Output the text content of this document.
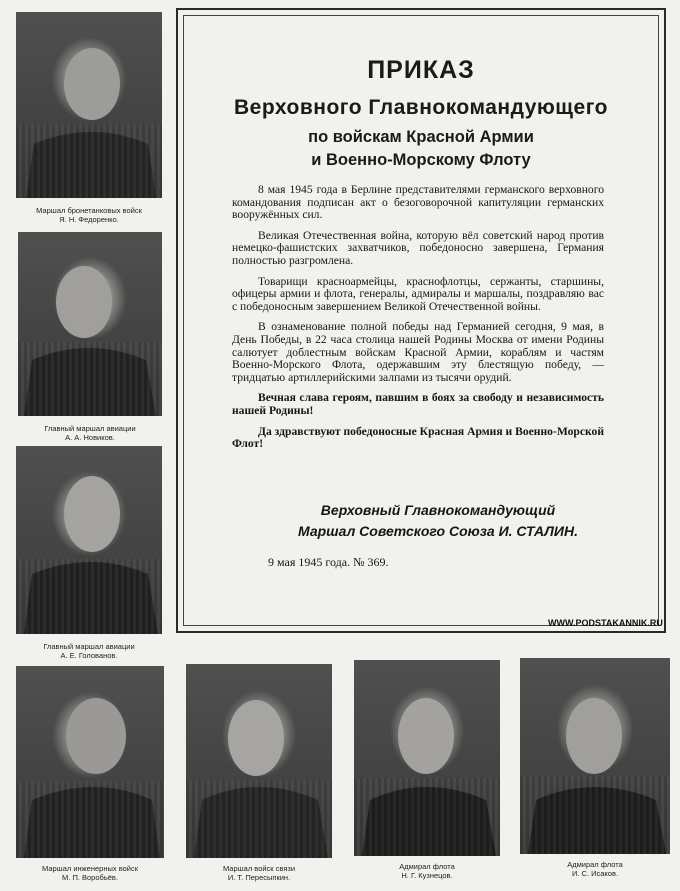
Маршал бронетанковых войск
Я. Н. Федоренко.
Главный маршал авиации
А. А. Новиков.
Главный маршал авиации
А. Е. Голованов.
Маршал инженерных войск
М. П. Воробьёв.
Маршал войск связи
И. Т. Пересыпкин.
Адмирал флота
Н. Г. Кузнецов.
Адмирал флота
И. С. Исаков.
ПРИКАЗ
Верховного Главнокомандующего
по войскам Красной Армии
и Военно-Морскому Флоту

8 мая 1945 года в Берлине представителями германского верховного командования подписан акт о безоговорочной капитуляции германских вооружённых сил.

Великая Отечественная война, которую вёл советский народ против немецко-фашистских захватчиков, победоносно завершена, Германия полностью разгромлена.

Товарищи красноармейцы, краснофлотцы, сержанты, старшины, офицеры армии и флота, генералы, адмиралы и маршалы, поздравляю вас с победоносным завершением Великой Отечественной войны.

В ознаменование полной победы над Германией сегодня, 9 мая, в День Победы, в 22 часа столица нашей Родины Москва от имени Родины салютует доблестным войскам Красной Армии, кораблям и частям Военно-Морского Флота, одержавшим эту блестящую победу, — тридцатью артиллерийскими залпами из тысячи орудий.

Вечная слава героям, павшим в боях за свободу и независимость нашей Родины!

Да здравствуют победоносные Красная Армия и Военно-Морской Флот!

Верховный Главнокомандующий
Маршал Советского Союза И. СТАЛИН.
9 мая 1945 года. № 369.
WWW.PODSTAKANNIK.RU
